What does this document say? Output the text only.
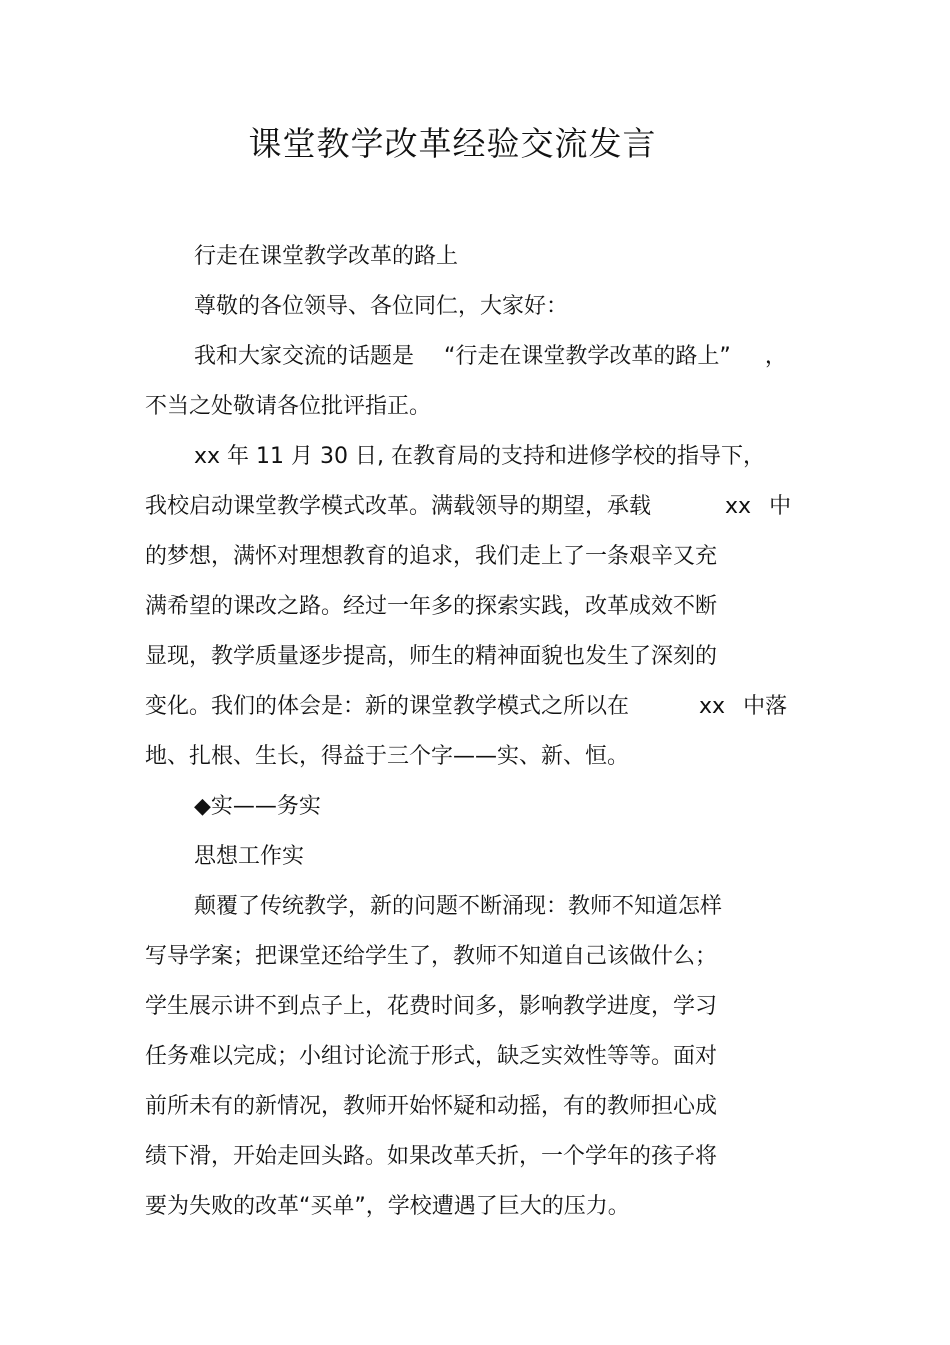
课堂教学改革经验交流发言
行走在课堂教学改革的路上
尊敬的各位领导、各位同仁，大家好：
我和大家交流的话题是 “行走在课堂教学改革的路上” ，
不当之处敬请各位批评指正。
xx 年 11 月 30 日, 在教育局的支持和进修学校的指导下，
我校启动课堂教学模式改革。满载领导的期望，承载	xx 中
的梦想，满怀对理想教育的追求，我们走上了一条艰辛又充
满希望的课改之路。经过一年多的探索实践，改革成效不断
显现，教学质量逐步提高，师生的精神面貌也发生了深刻的
变化。我们的体会是：新的课堂教学模式之所以在	xx 中落
地、扎根、生长，得益于三个字——实、新、恒。
◆实——务实
思想工作实
颠覆了传统教学，新的问题不断涌现：教师不知道怎样
写导学案；把课堂还给学生了，教师不知道自己该做什么；
学生展示讲不到点子上，花费时间多，影响教学进度，学习
任务难以完成；小组讨论流于形式，缺乏实效性等等。面对
前所未有的新情况，教师开始怀疑和动摇，有的教师担心成
绩下滑，开始走回头路。如果改革夭折，一个学年的孩子将
要为失败的改革“买单”，学校遭遇了巨大的压力。
